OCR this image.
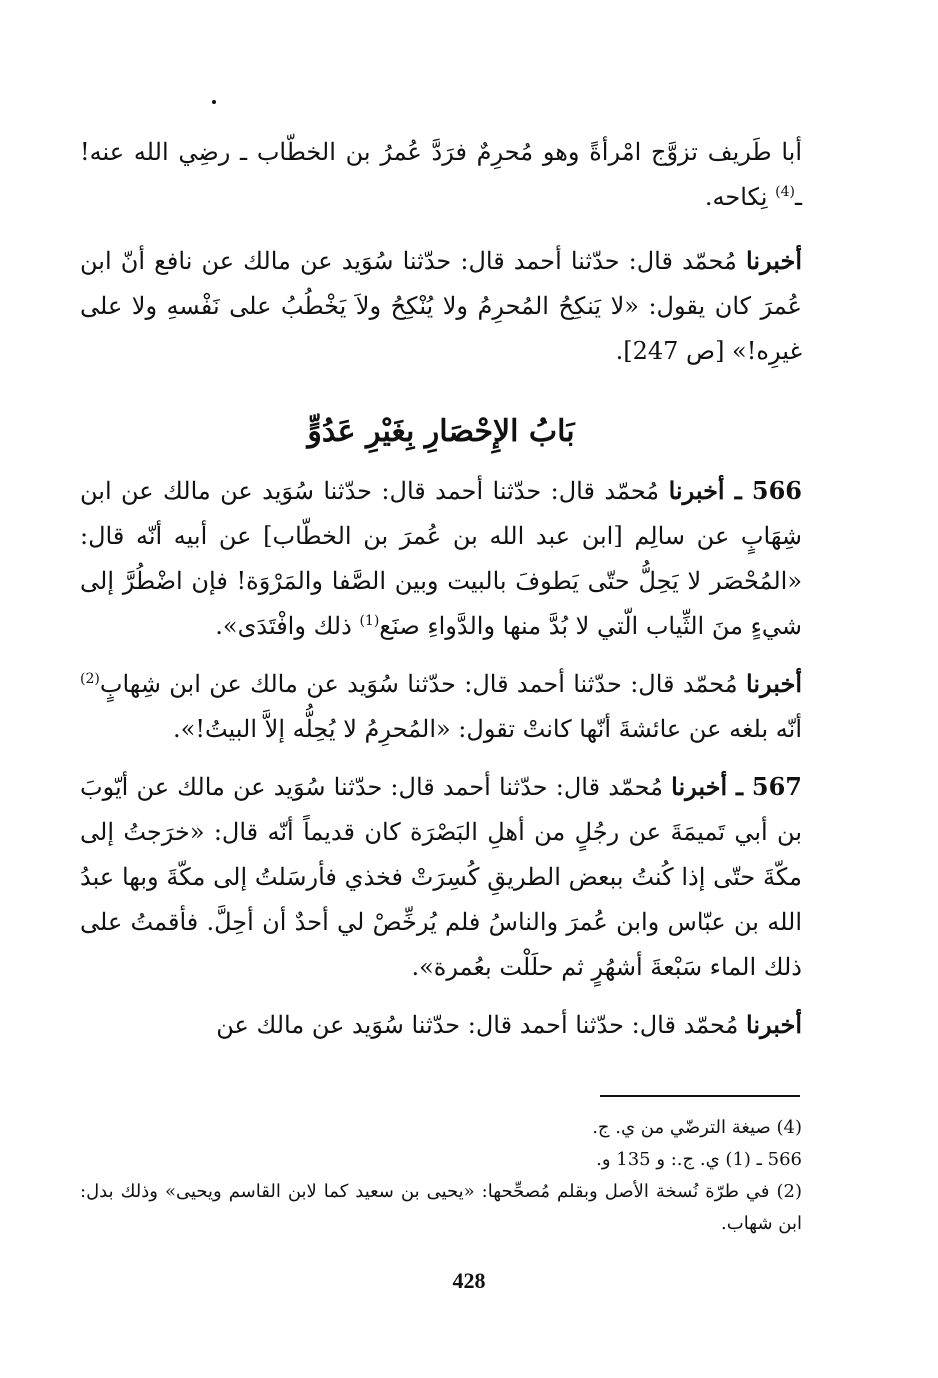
أبا طَريف تزوَّج امْرأةً وهو مُحرِمٌ فرَدَّ عُمرُ بن الخطّاب ـ رضِي الله عنه! ـ$^{(4)}$ نِكاحه.

أخبرنا مُحمّد قال: حدّثنا أحمد قال: حدّثنا سُوَيد عن مالك عن نافع أنّ ابن عُمرَ كان يقول: «لا يَنكِحُ المُحرِمُ ولا يُنْكِحُ ولاَ يَخْطُبُ على نَفْسهِ ولا على غيرِه!» [ص 247].

بَابُ الإِحْصَارِ بِغَيْرِ عَدُوٍّ

566 ـ أخبرنا مُحمّد قال: حدّثنا أحمد قال: حدّثنا سُوَيد عن مالك عن ابن شِهَابٍ عن سالِم [ابن عبد الله بن عُمرَ بن الخطّاب] عن أبيه أنّه قال: «المُحْصَر لا يَحِلُّ حتّى يَطوفَ بالبيت وبين الصَّفا والمَرْوَة! فإن اضْطُرَّ إلى شيءٍ منَ الثِّياب الّتي لا بُدَّ منها والدَّواءِ صنَع$^{(1)}$ ذلك وافْتَدَى».

أخبرنا مُحمّد قال: حدّثنا أحمد قال: حدّثنا سُوَيد عن مالك عن ابن شِهابٍ$^{(2)}$ أنّه بلغه عن عائشةَ أنّها كانتْ تقول: «المُحرِمُ لا يُحِلُّه إلاَّ البيتُ!».

567 ـ أخبرنا مُحمّد قال: حدّثنا أحمد قال: حدّثنا سُوَيد عن مالك عن أيّوبَ بن أبي تَميمَةَ عن رجُلٍ من أهلِ البَصْرَة كان قديماً أنّه قال: «خرَجتُ إلى مكّةَ حتّى إذا كُنتُ ببعض الطريقِ كُسِرَتْ فخذي فأرسَلتُ إلى مكّةَ وبها عبدُ الله بن عبّاس وابن عُمرَ والناسُ فلم يُرخِّصْ لي أحدٌ أن أحِلَّ. فأقمتُ على ذلك الماء سَبْعةَ أشهُرٍ ثم حلَلْت بعُمرة».

أخبرنا مُحمّد قال: حدّثنا أحمد قال: حدّثنا سُوَيد عن مالك عن

(4) صيغة الترضّي من ي. ج.

566 ـ (1) ي. ج.: و 135 و.

(2) في طرّة نُسخة الأصل وبقلم مُصحِّحها: «يحيى بن سعيد كما لابن القاسم ويحيى» وذلك بدل: ابن شهاب.

428
